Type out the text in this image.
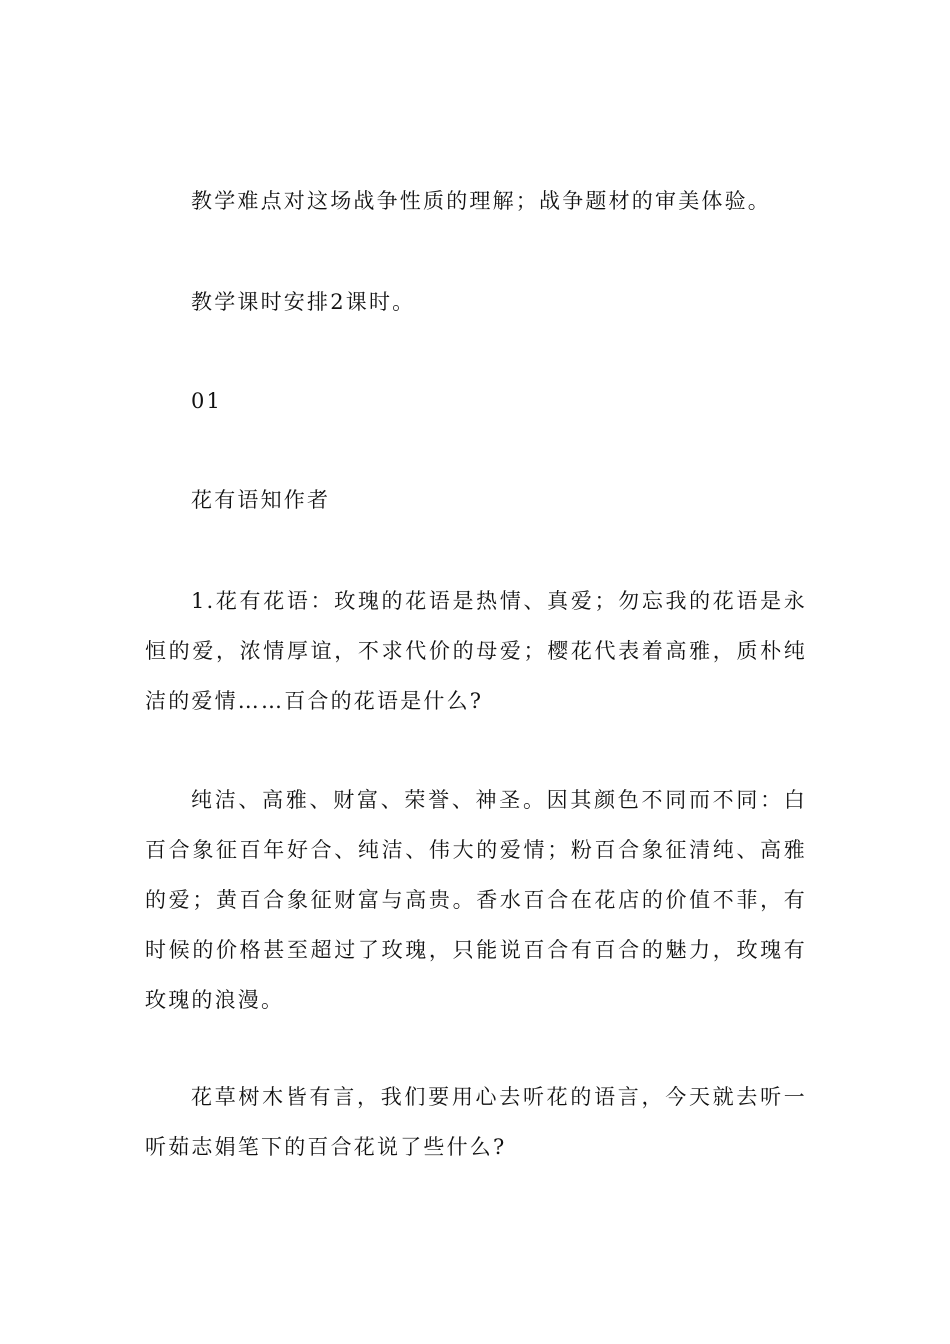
教学难点对这场战争性质的理解；战争题材的审美体验。

教学课时安排2课时。

01

花有语知作者

1.花有花语：玫瑰的花语是热情、真爱；勿忘我的花语是永恒的爱，浓情厚谊，不求代价的母爱；樱花代表着高雅，质朴纯洁的爱情……百合的花语是什么?

纯洁、高雅、财富、荣誉、神圣。因其颜色不同而不同：白百合象征百年好合、纯洁、伟大的爱情；粉百合象征清纯、高雅的爱；黄百合象征财富与高贵。香水百合在花店的价值不菲，有时候的价格甚至超过了玫瑰，只能说百合有百合的魅力，玫瑰有玫瑰的浪漫。

花草树木皆有言，我们要用心去听花的语言，今天就去听一听茹志娟笔下的百合花说了些什么?
